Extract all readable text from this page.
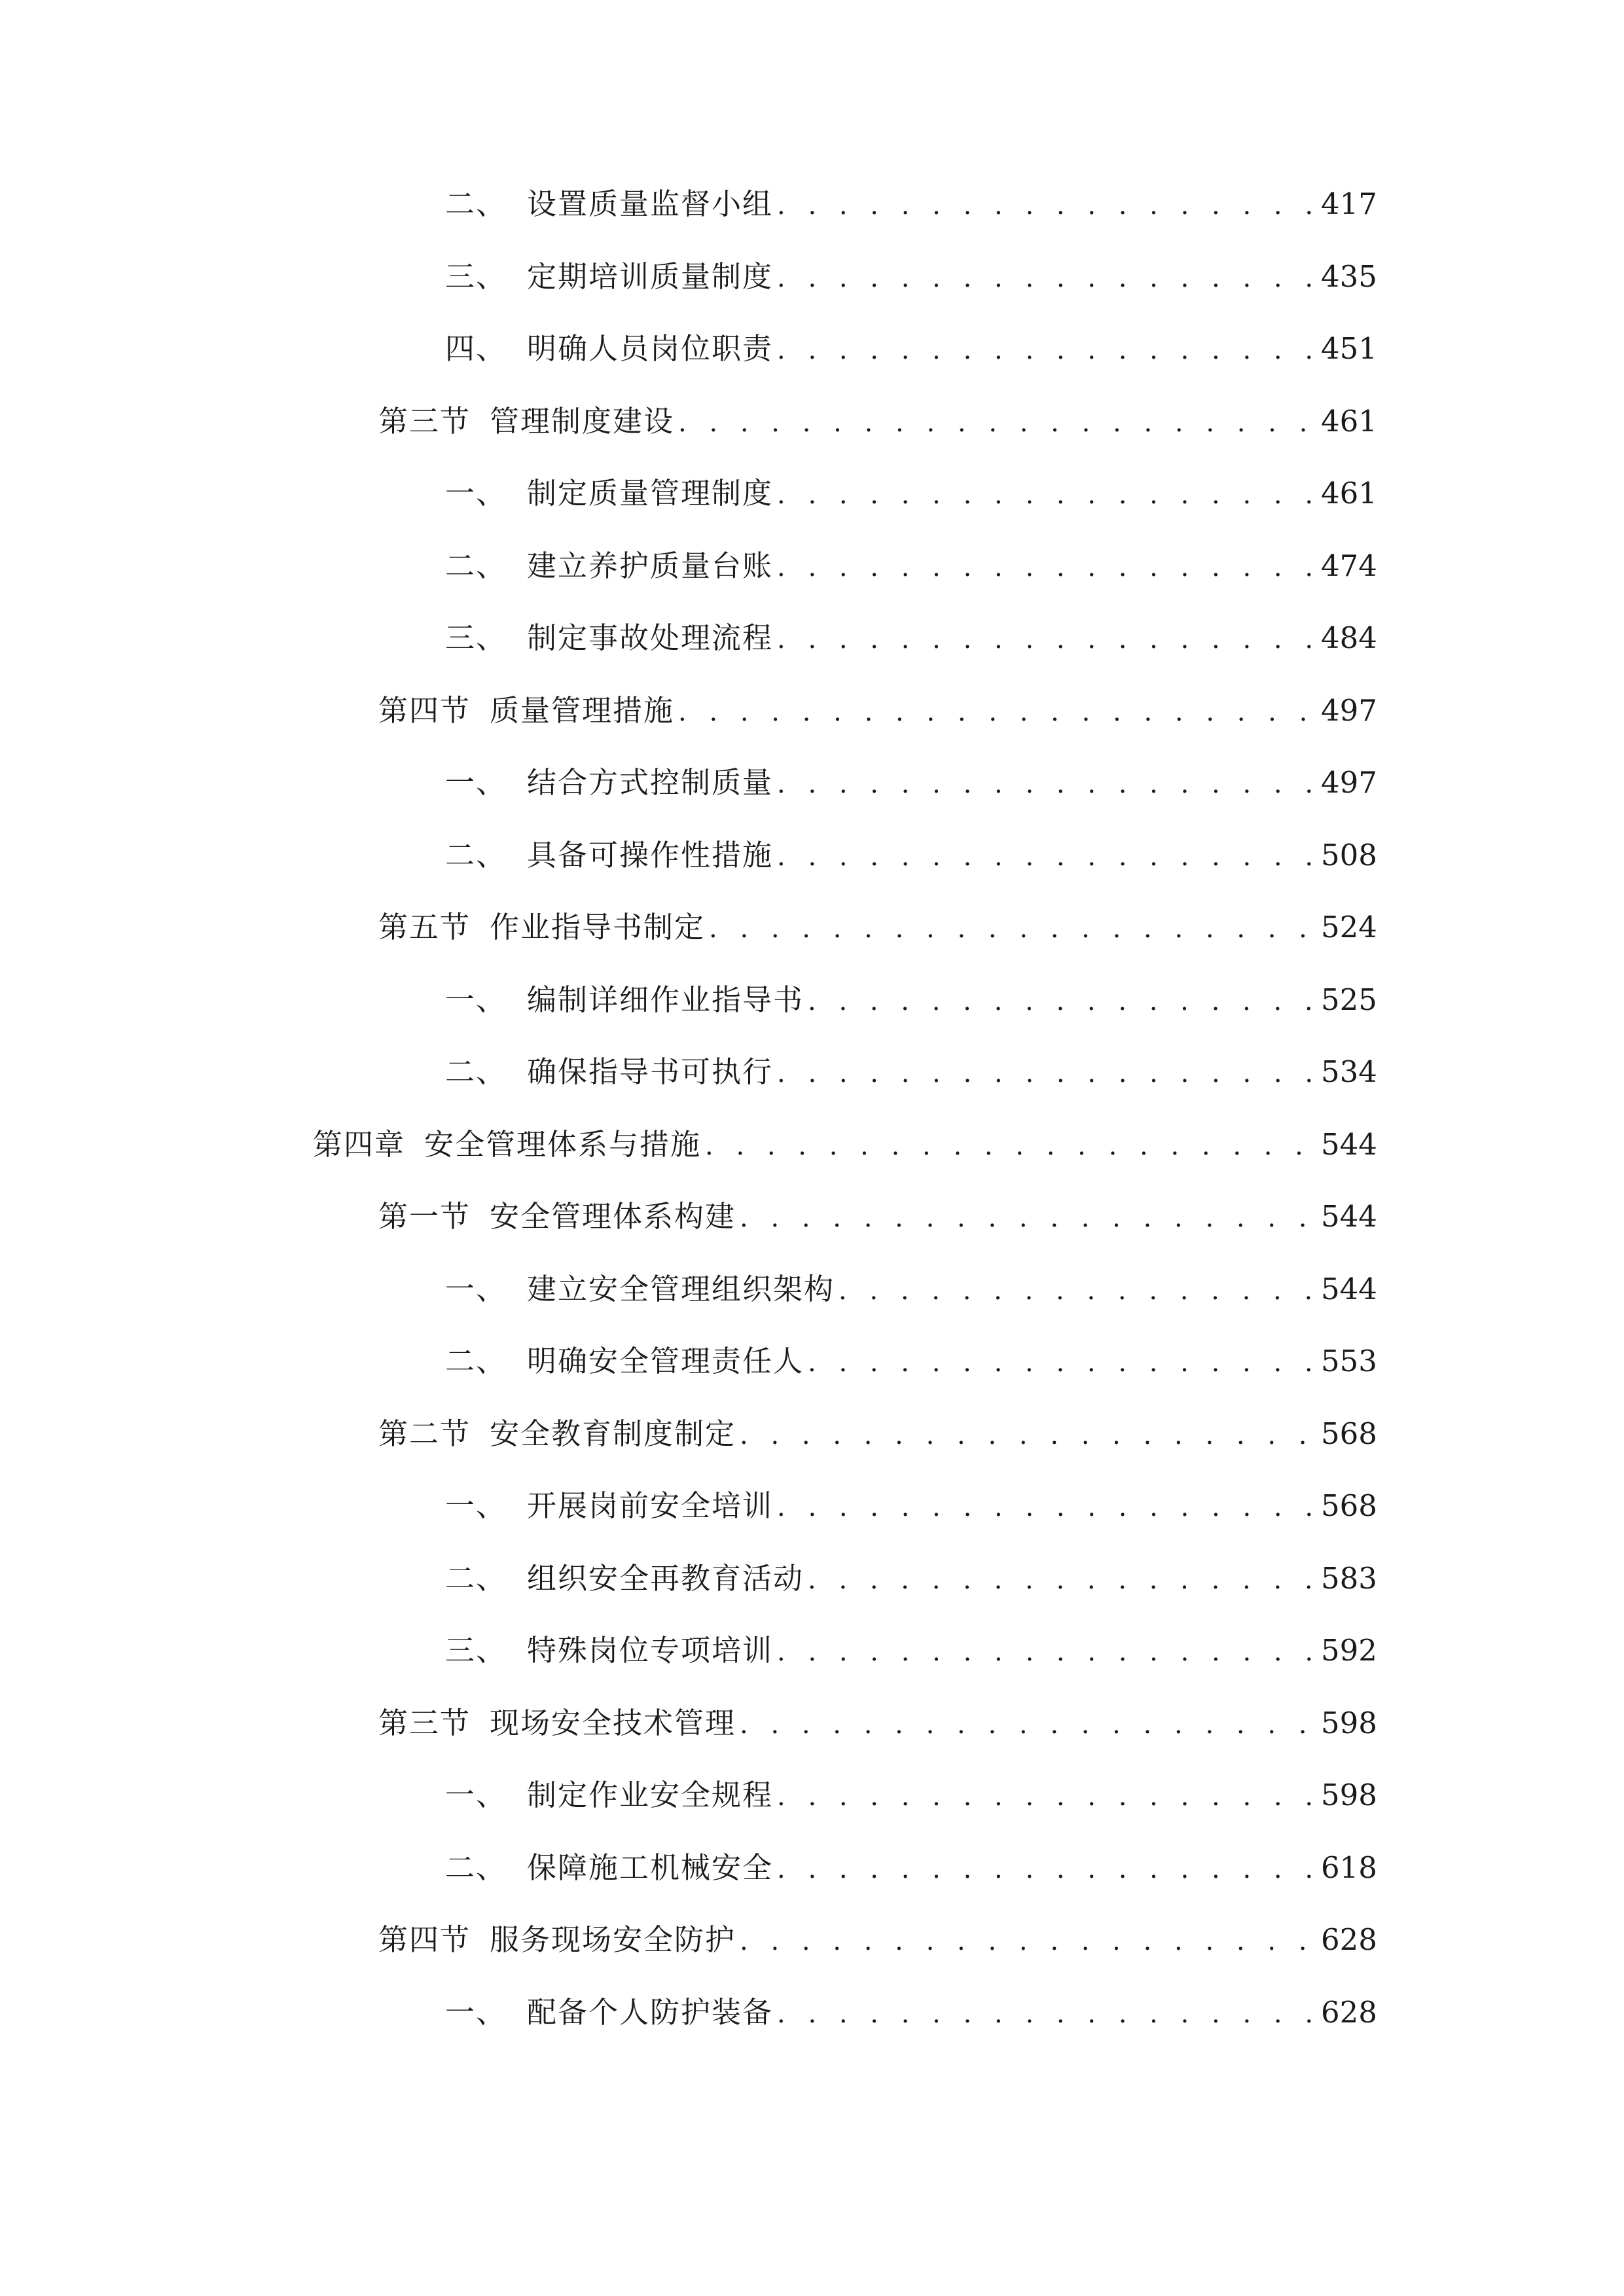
二、 设置质量监督小组 . . .	417
三、 定期培训质量制度 . . .	435
四、 明确人员岗位职责 . . .	451
第三节 管理制度建设 . . .	461
一、 制定质量管理制度 . . .	461
二、 建立养护质量台账 . . .	474
三、 制定事故处理流程 . . .	484
第四节 质量管理措施 . . .	497
一、 结合方式控制质量 . . .	497
二、 具备可操作性措施 . . .	508
第五节 作业指导书制定 . . .	524
一、 编制详细作业指导书 . . .	525
二、 确保指导书可执行 . . .	534
第四章 安全管理体系与措施 . . .	544
第一节 安全管理体系构建 . . .	544
一、 建立安全管理组织架构 . . .	544
二、 明确安全管理责任人 . . .	553
第二节 安全教育制度制定 . . .	568
一、 开展岗前安全培训 . . .	568
二、 组织安全再教育活动 . . .	583
三、 特殊岗位专项培训 . . .	592
第三节 现场安全技术管理 . . .	598
一、 制定作业安全规程 . . .	598
二、 保障施工机械安全 . . .	618
第四节 服务现场安全防护 . . .	628
一、 配备个人防护装备 . . .	628
